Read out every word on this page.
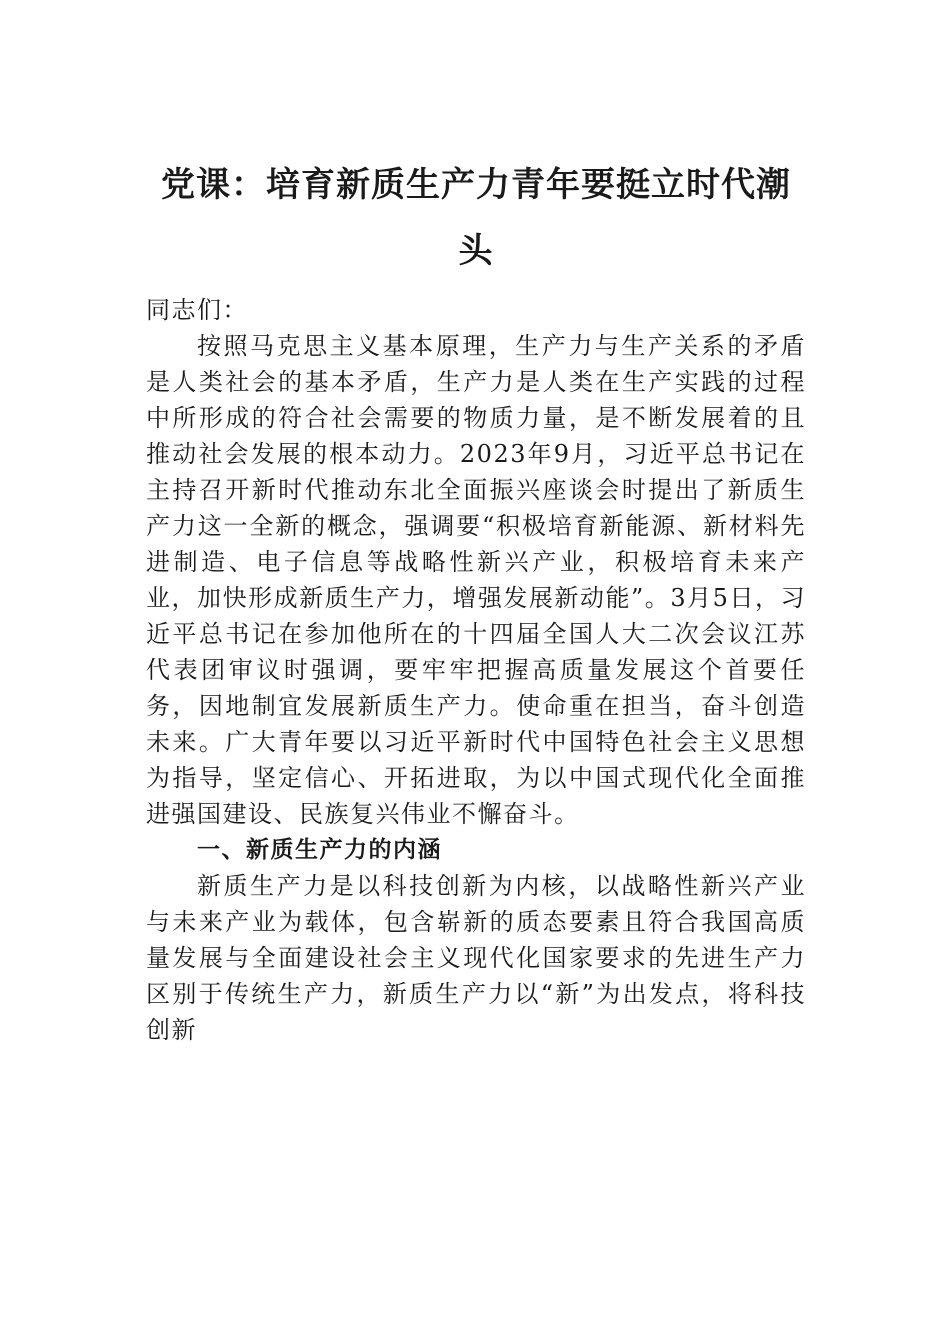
党课：培育新质生产力青年要挺立时代潮头

同志们：

按照马克思主义基本原理，生产力与生产关系的矛盾是人类社会的基本矛盾，生产力是人类在生产实践的过程中所形成的符合社会需要的物质力量，是不断发展着的且推动社会发展的根本动力。2023年9月，习近平总书记在主持召开新时代推动东北全面振兴座谈会时提出了新质生产力这一全新的概念，强调要“积极培育新能源、新材料先进制造、电子信息等战略性新兴产业，积极培育未来产业，加快形成新质生产力，增强发展新动能”。3月5日，习近平总书记在参加他所在的十四届全国人大二次会议江苏代表团审议时强调，要牢牢把握高质量发展这个首要任务，因地制宜发展新质生产力。使命重在担当，奋斗创造未来。广大青年要以习近平新时代中国特色社会主义思想为指导，坚定信心、开拓进取，为以中国式现代化全面推进强国建设、民族复兴伟业不懈奋斗。

一、新质生产力的内涵

新质生产力是以科技创新为内核，以战略性新兴产业与未来产业为载体，包含崭新的质态要素且符合我国高质量发展与全面建设社会主义现代化国家要求的先进生产力区别于传统生产力，新质生产力以“新”为出发点，将科技创新
